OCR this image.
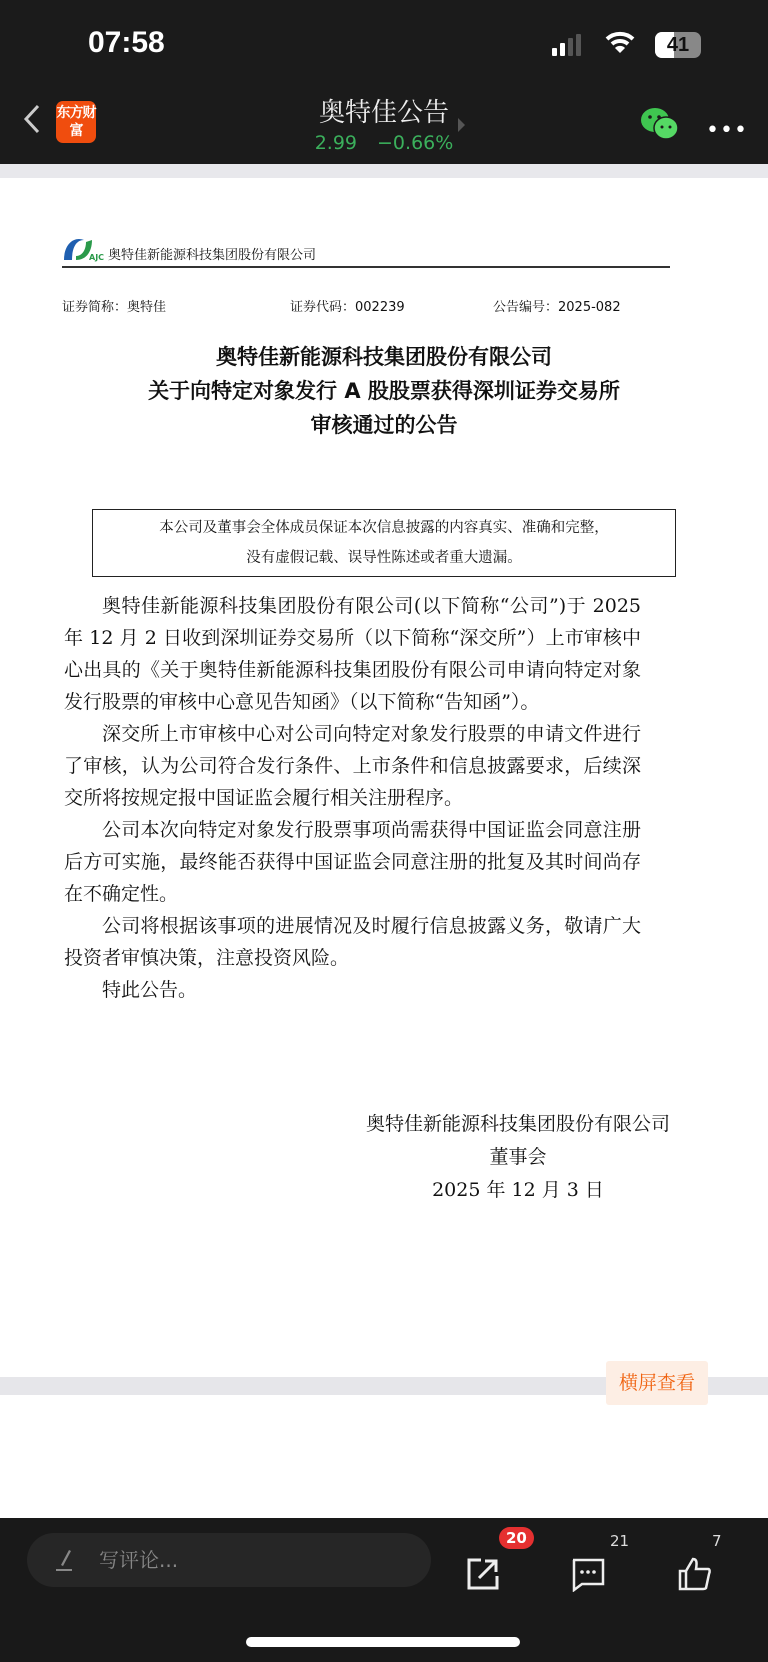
07:58	41
东方财富
奥特佳公告
2.99 −0.66%	•••
AJC 奥特佳新能源科技集团股份有限公司
证券简称：奥特佳	证券代码：002239	公告编号：2025-082
奥特佳新能源科技集团股份有限公司
关于向特定对象发行 A 股股票获得深圳证券交易所
审核通过的公告
本公司及董事会全体成员保证本次信息披露的内容真实、准确和完整，
没有虚假记载、误导性陈述或者重大遗漏。

奥特佳新能源科技集团股份有限公司(以下简称“公司”)于 2025 年 12 月 2 日收到深圳证券交易所（以下简称“深交所”）上市审核中心出具的《关于奥特佳新能源科技集团股份有限公司申请向特定对象发行股票的审核中心意见告知函》（以下简称“告知函”）。

深交所上市审核中心对公司向特定对象发行股票的申请文件进行了审核，认为公司符合发行条件、上市条件和信息披露要求，后续深交所将按规定报中国证监会履行相关注册程序。

公司本次向特定对象发行股票事项尚需获得中国证监会同意注册后方可实施，最终能否获得中国证监会同意注册的批复及其时间尚存在不确定性。

公司将根据该事项的进展情况及时履行信息披露义务，敬请广大投资者审慎决策，注意投资风险。

特此公告。

奥特佳新能源科技集团股份有限公司
董事会
2025 年 12 月 3 日
横屏查看
写评论...
20	21	7
